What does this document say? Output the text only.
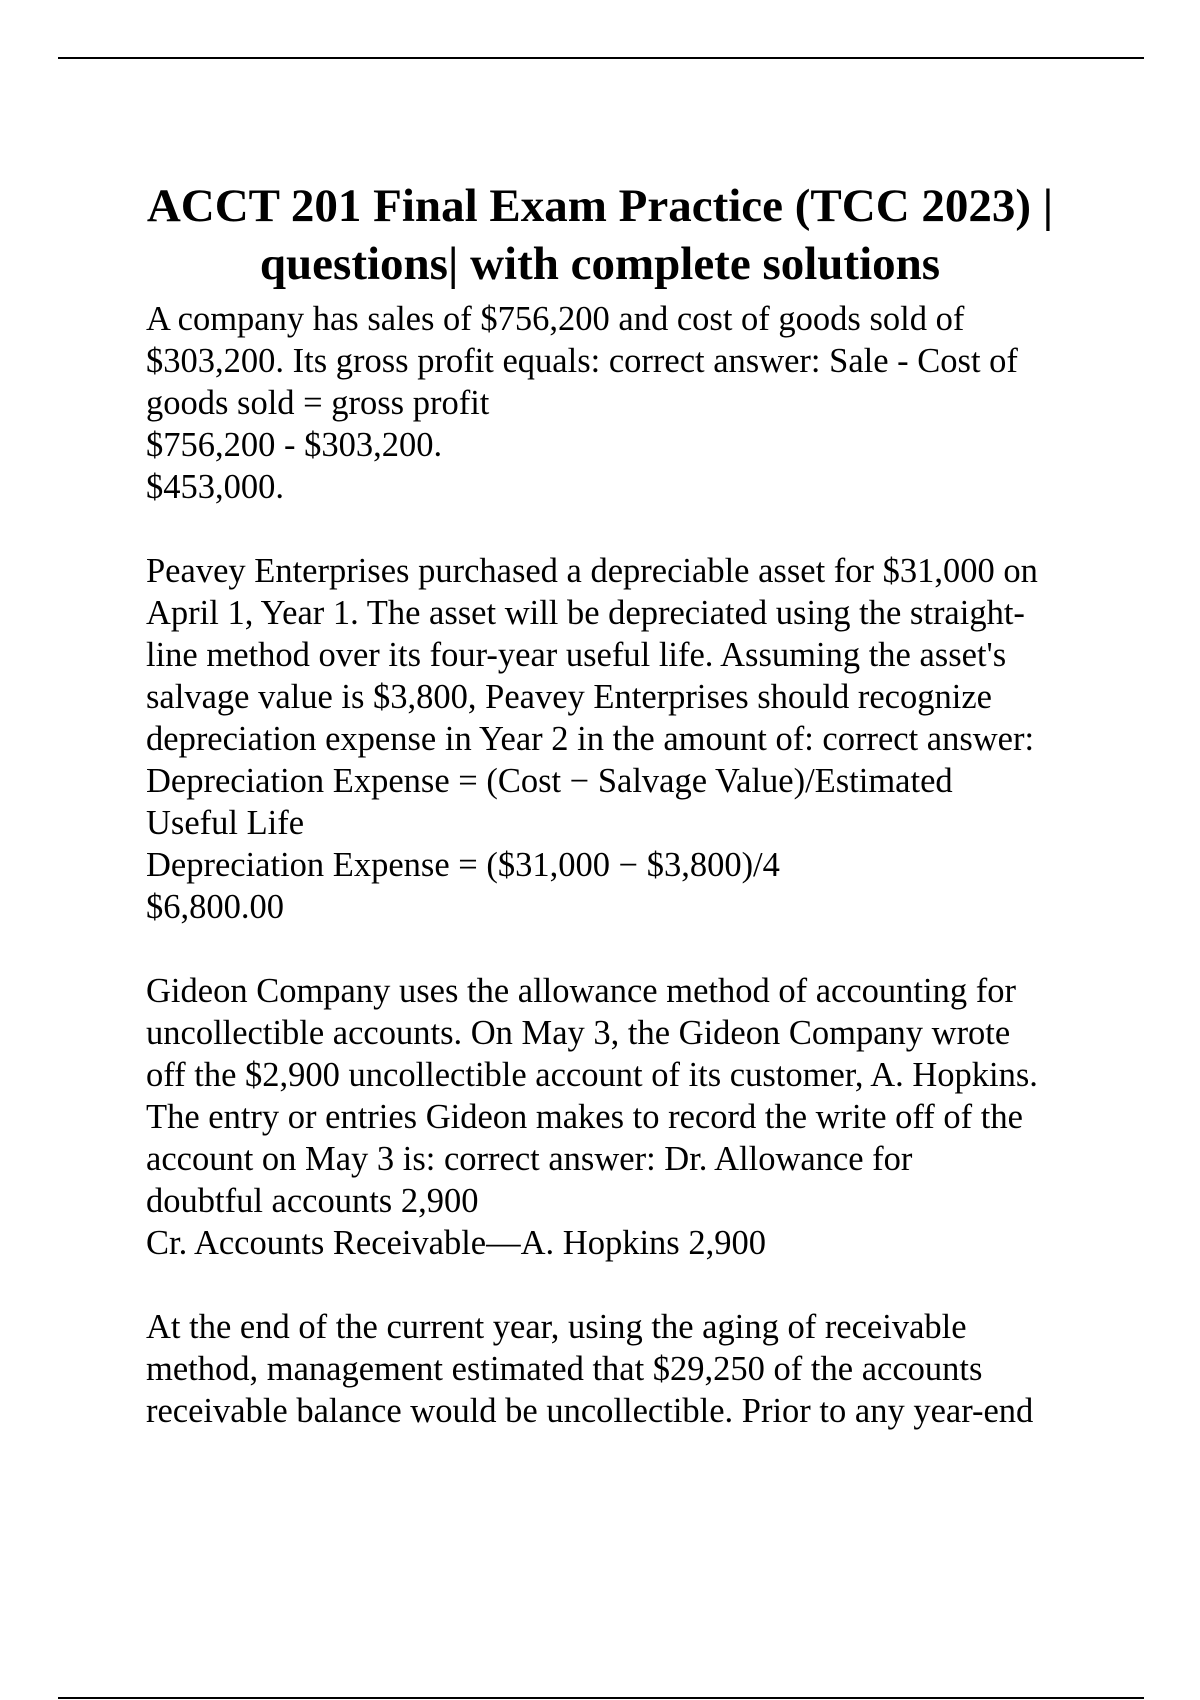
ACCT 201 Final Exam Practice (TCC 2023) |
questions| with complete solutions

A company has sales of $756,200 and cost of goods sold of
$303,200. Its gross profit equals: correct answer: Sale - Cost of
goods sold = gross profit
$756,200 - $303,200.
$453,000.

Peavey Enterprises purchased a depreciable asset for $31,000 on
April 1, Year 1. The asset will be depreciated using the straight-
line method over its four-year useful life. Assuming the asset's
salvage value is $3,800, Peavey Enterprises should recognize
depreciation expense in Year 2 in the amount of: correct answer:
Depreciation Expense = (Cost − Salvage Value)/Estimated
Useful Life
Depreciation Expense = ($31,000 − $3,800)/4
$6,800.00

Gideon Company uses the allowance method of accounting for
uncollectible accounts. On May 3, the Gideon Company wrote
off the $2,900 uncollectible account of its customer, A. Hopkins.
The entry or entries Gideon makes to record the write off of the
account on May 3 is: correct answer: Dr. Allowance for
doubtful accounts 2,900
Cr. Accounts Receivable—A. Hopkins 2,900

At the end of the current year, using the aging of receivable
method, management estimated that $29,250 of the accounts
receivable balance would be uncollectible. Prior to any year-end
